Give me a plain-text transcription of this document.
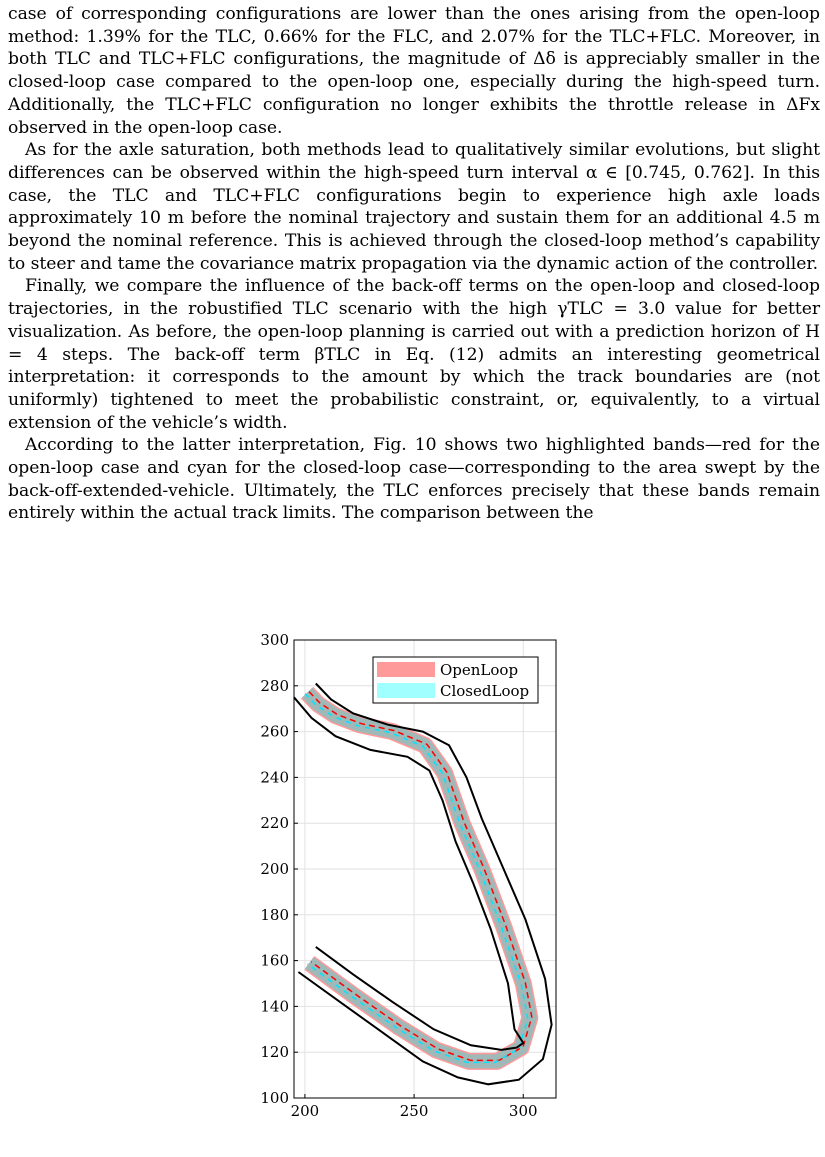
case of corresponding configurations are lower than the ones arising from the open-loop method: 1.39% for the TLC, 0.66% for the FLC, and 2.07% for the TLC+FLC. Moreover, in both TLC and TLC+FLC configurations, the magnitude of Δδ is appreciably smaller in the closed-loop case compared to the open-loop one, especially during the high-speed turn. Additionally, the TLC+FLC configuration no longer exhibits the throttle release in ΔFx observed in the open-loop case.

As for the axle saturation, both methods lead to qualitatively similar evolutions, but slight differences can be observed within the high-speed turn interval α ∈ [0.745, 0.762]. In this case, the TLC and TLC+FLC configurations begin to experience high axle loads approximately 10 m before the nominal trajectory and sustain them for an additional 4.5 m beyond the nominal reference. This is achieved through the closed-loop method’s capability to steer and tame the covariance matrix propagation via the dynamic action of the controller.

Finally, we compare the influence of the back-off terms on the open-loop and closed-loop trajectories, in the robustified TLC scenario with the high γTLC = 3.0 value for better visualization. As before, the open-loop planning is carried out with a prediction horizon of H = 4 steps. The back-off term βTLC in Eq. (12) admits an interesting geometrical interpretation: it corresponds to the amount by which the track boundaries are (not uniformly) tightened to meet the probabilistic constraint, or, equivalently, to a virtual extension of the vehicle’s width.

According to the latter interpretation, Fig. 10 shows two highlighted bands—red for the open-loop case and cyan for the closed-loop case—corresponding to the area swept by the back-off-extended-vehicle. Ultimately, the TLC enforces precisely that these bands remain entirely within the actual track limits. The comparison between the

200	250	300
100
120
140
160
180
200
220
240
260
280
300
OpenLoop
ClosedLoop
